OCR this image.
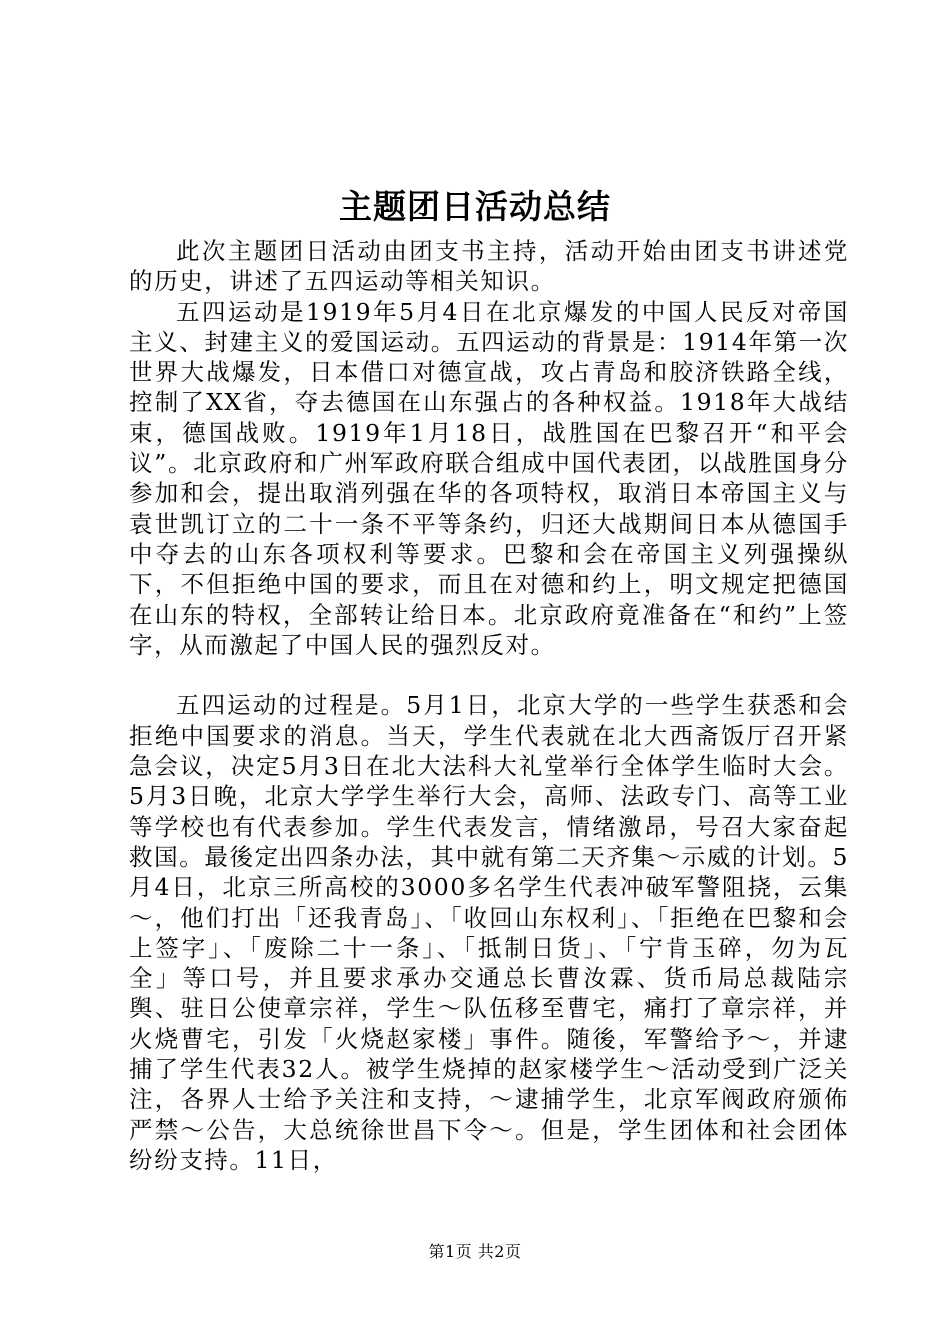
主题团日活动总结

此次主题团日活动由团支书主持，活动开始由团支书讲述党的历史，讲述了五四运动等相关知识。

五四运动是1919年5月4日在北京爆发的中国人民反对帝国主义、封建主义的爱国运动。五四运动的背景是：1914年第一次世界大战爆发，日本借口对德宣战，攻占青岛和胶济铁路全线，控制了XX省，夺去德国在山东强占的各种权益。1918年大战结束，德国战败。1919年1月18日，战胜国在巴黎召开“和平会议”。北京政府和广州军政府联合组成中国代表团，以战胜国身分参加和会，提出取消列强在华的各项特权，取消日本帝国主义与袁世凯订立的二十一条不平等条约，归还大战期间日本从德国手中夺去的山东各项权利等要求。巴黎和会在帝国主义列强操纵下，不但拒绝中国的要求，而且在对德和约上，明文规定把德国在山东的特权，全部转让给日本。北京政府竟准备在“和约”上签字，从而激起了中国人民的强烈反对。

五四运动的过程是。5月1日，北京大学的一些学生获悉和会拒绝中国要求的消息。当天，学生代表就在北大西斋饭厅召开紧急会议，决定5月3日在北大法科大礼堂举行全体学生临时大会。5月3日晚，北京大学学生举行大会，高师、法政专门、高等工业等学校也有代表参加。学生代表发言，情绪激昂，号召大家奋起救国。最後定出四条办法，其中就有第二天齐集～示威的计划。5月4日，北京三所高校的3000多名学生代表冲破军警阻挠，云集～，他们打出「还我青岛」、「收回山东权利」、「拒绝在巴黎和会上签字」、「废除二十一条」、「抵制日货」、「宁肯玉碎，勿为瓦全」等口号，并且要求承办交通总长曹汝霖、货币局总裁陆宗舆、驻日公使章宗祥，学生～队伍移至曹宅，痛打了章宗祥，并火烧曹宅，引发「火烧赵家楼」事件。随後，军警给予～，并逮捕了学生代表32人。被学生烧掉的赵家楼学生～活动受到广泛关注，各界人士给予关注和支持，～逮捕学生，北京军阀政府颁佈严禁～公告，大总统徐世昌下令～。但是，学生团体和社会团体纷纷支持。11日，

第1页 共2页
